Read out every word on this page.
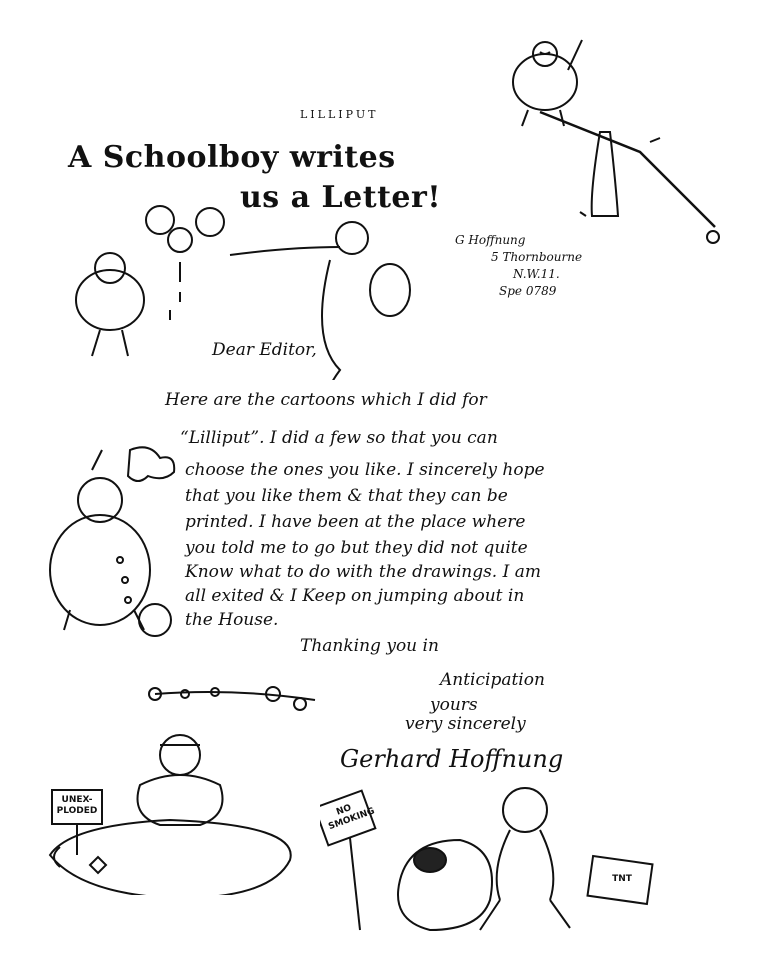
LILLIPUT
A Schoolboy writes
us a Letter!
G Hoffnung
5 Thornbourne
N.W.11.
Spe 0789
Dear Editor,
Here are the cartoons which I did for
“Lilliput”. I did a few so that you can
choose the ones you like. I sincerely hope
that you like them & that they can be
printed. I have been at the place where
you told me to go but they did not quite
Know what to do with the drawings. I am
all exited & I Keep on jumping about in
the House.
Thanking you in
Anticipation
yours
very sincerely
Gerhard Hoffnung
UNEX-PLODED	NO SMOKING
TNT
